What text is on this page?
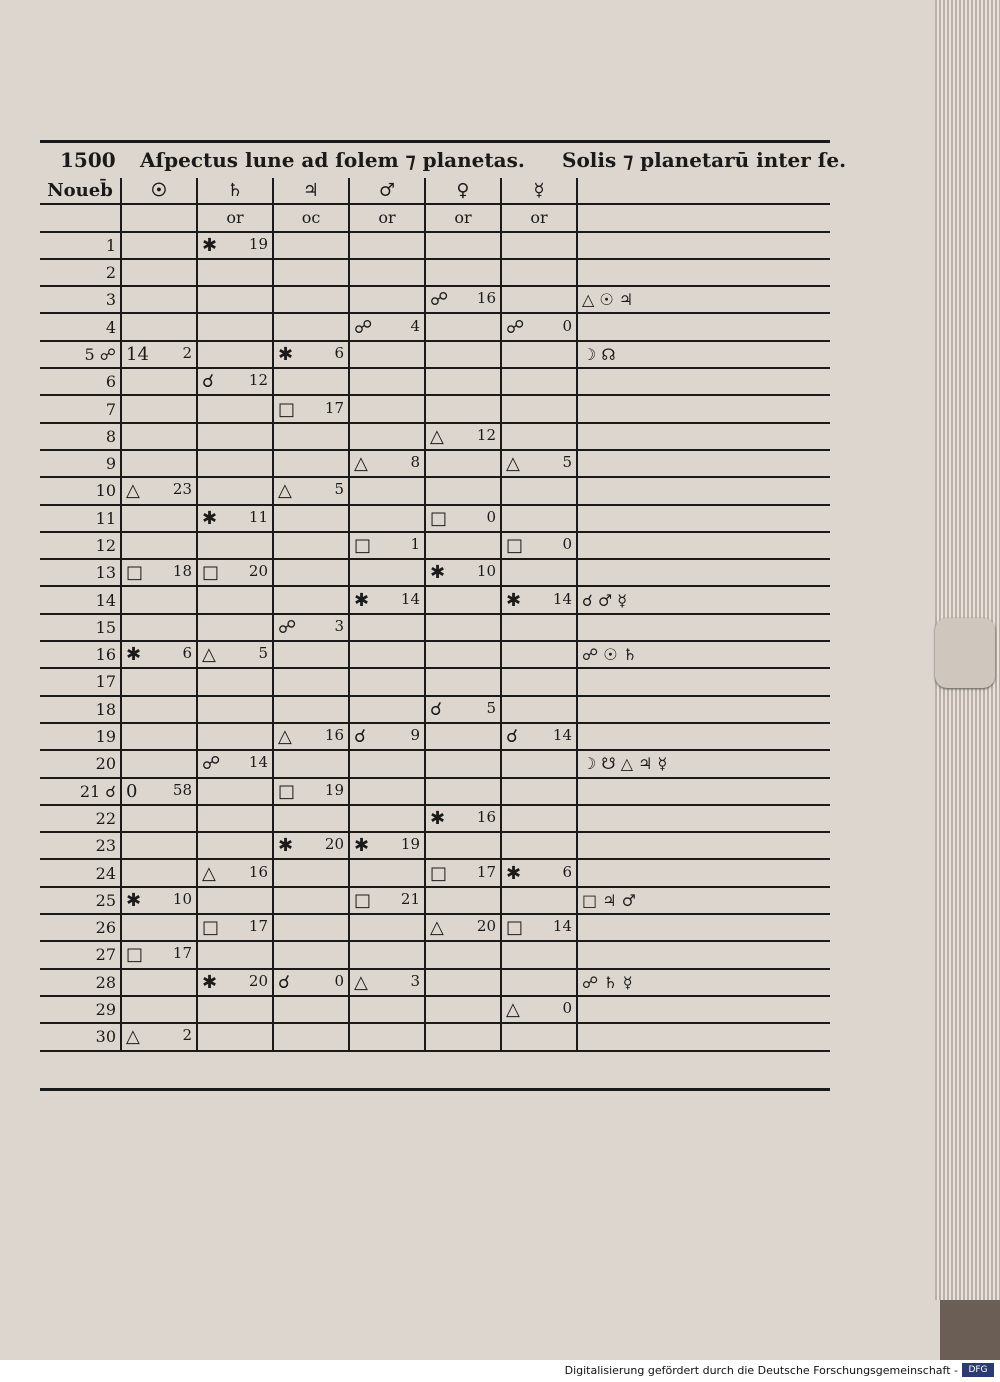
1500 Aſpectus lune ad ſolem ⁊ planetas. Solis ⁊ planetarū inter ſe.
Noueb̄	☉	♄	♃	♂	♀	☿	
		or	oc	or	or	or	
1		✱ 19					

2	

3					☍ 16		△ ☉ ♃
4				☍ 4		☍ 0	

5 ☍	14 2		✱ 6				☽ ☊
6		☌ 12					

7			□ 17				

8					△ 12		

9				△ 8		△ 5	

10	△ 23		△ 5				

11		✱ 11			□ 0		

12				□ 1		□ 0	

13	□ 18	□ 20			✱ 10		

14				✱ 14		✱ 14	☌ ♂ ☿
15			☍ 3				

16	✱ 6	△ 5					☍ ☉ ♄
17	

18					☌ 5		

19			△ 16	☌ 9		☌ 14	

20		☍ 14					☽ ☋ △ ♃ ☿
21 ☌	0 58		□ 19				

22					✱ 16		

23			✱ 20	✱ 19			

24		△ 16			□ 17	✱ 6	

25	✱ 10			□ 21			□ ♃ ♂
26		□ 17			△ 20	□ 14	

27	□ 17						

28		✱ 20	☌ 0	△ 3			☍ ♄ ☿
29						△ 0	

30	△ 2						

Digitalisierung gefördert durch die Deutsche Forschungsgemeinschaft -	DFG
